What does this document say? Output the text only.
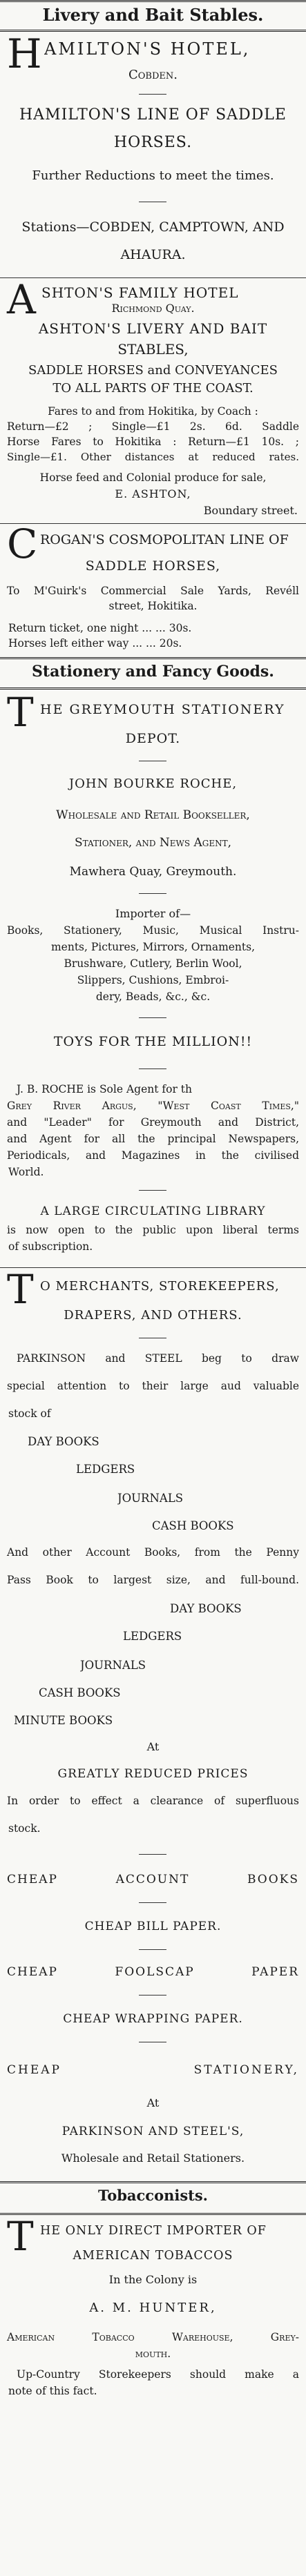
Livery and Bait Stables.
H AMILTON'S HOTEL,
Cobden.
HAMILTON'S LINE OF SADDLE
HORSES.
Further Reductions to meet the times.
Stations—COBDEN, CAMPTOWN, AND
AHAURA.
A SHTON'S FAMILY HOTEL
Richmond Quay.
ASHTON'S LIVERY AND BAIT
STABLES,
SADDLE HORSES and CONVEYANCES
TO ALL PARTS OF THE COAST.
Fares to and from Hokitika, by Coach :
Return—£2 ; Single—£1 2s. 6d. Saddle
Horse Fares to Hokitika : Return—£1 10s. ;
Single—£1. Other distances at reduced rates.
Horse feed and Colonial produce for sale,
E. ASHTON,
Boundary street.
C ROGAN'S COSMOPOLITAN LINE OF
SADDLE HORSES,
To M'Guirk's Commercial Sale Yards, Revéll
street, Hokitika.
Return ticket, one night ... ... 30s.
Horses left either way ... ... 20s.
Stationery and Fancy Goods.
T HE GREYMOUTH STATIONERY
DEPOT.
JOHN BOURKE ROCHE,
Wholesale and Retail Bookseller,
Stationer, and News Agent,
Mawhera Quay, Greymouth.
Importer of—
Books, Stationery, Music, Musical Instru-
ments, Pictures, Mirrors, Ornaments,
Brushware, Cutlery, Berlin Wool,
Slippers, Cushions, Embroi-
dery, Beads, &c., &c.
TOYS FOR THE MILLION!!
J. B. ROCHE is Sole Agent for th
Grey River Argus, "West Coast Times,"
and "Leader" for Greymouth and District,
and Agent for all the principal Newspapers,
Periodicals, and Magazines in the civilised
World.
A LARGE CIRCULATING LIBRARY
is now open to the public upon liberal terms
of subscription.
T O MERCHANTS, STOREKEEPERS,
DRAPERS, AND OTHERS.
PARKINSON and STEEL beg to draw
special attention to their large aud valuable
stock of
DAY BOOKS
LEDGERS
JOURNALS
CASH BOOKS
And other Account Books, from the Penny
Pass Book to largest size, and full-bound.
DAY BOOKS
LEDGERS
JOURNALS
CASH BOOKS
MINUTE BOOKS
At
GREATLY REDUCED PRICES
In order to effect a clearance of superfluous
stock.
CHEAP ACCOUNT BOOKS
CHEAP BILL PAPER.
CHEAP FOOLSCAP PAPER
CHEAP WRAPPING PAPER.
CHEAP STATIONERY,
At
PARKINSON AND STEEL'S,
Wholesale and Retail Stationers.
Tobacconists.
T HE ONLY DIRECT IMPORTER OF
AMERICAN TOBACCOS
In the Colony is
A. M. HUNTER,
American Tobacco Warehouse, Grey-
mouth.
Up-Country Storekeepers should make a
note of this fact.
